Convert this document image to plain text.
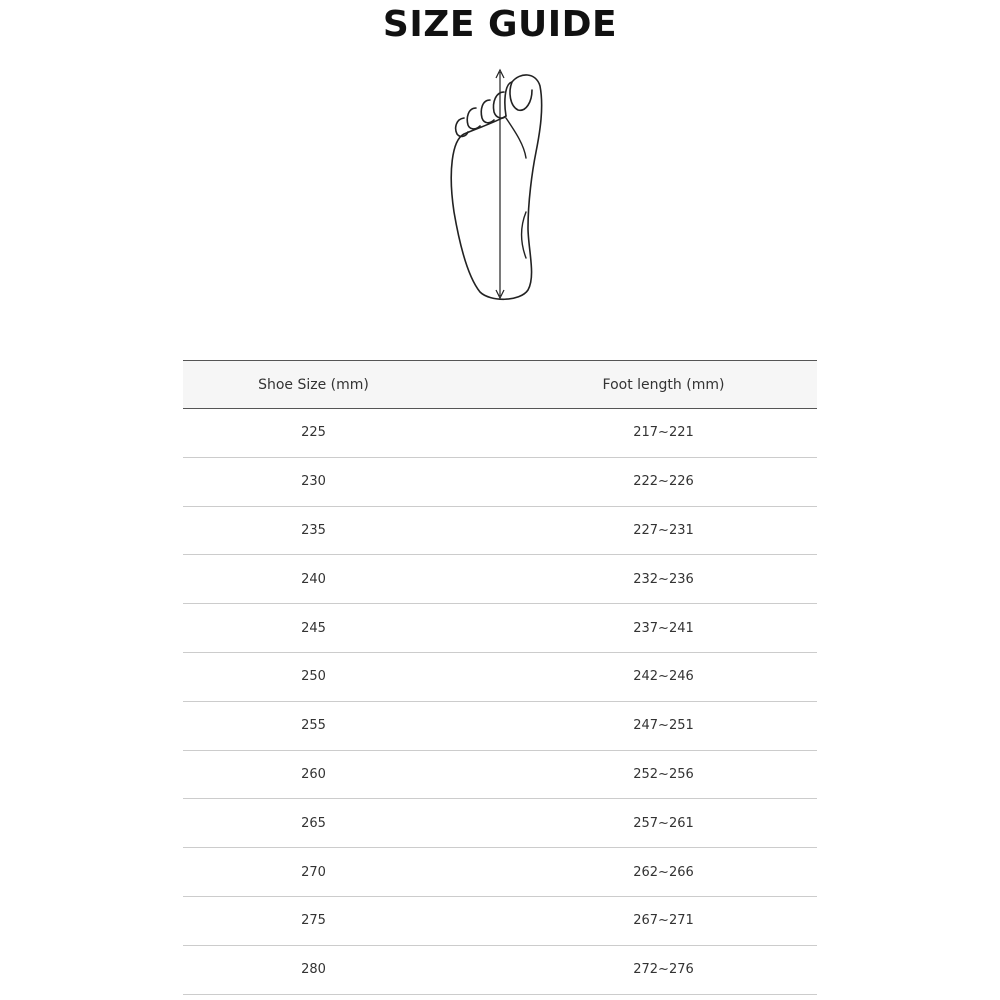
SIZE GUIDE
Shoe Size (mm)	Foot length (mm)
225	217~221
230	222~226
235	227~231
240	232~236
245	237~241
250	242~246
255	247~251
260	252~256
265	257~261
270	262~266
275	267~271
280	272~276
